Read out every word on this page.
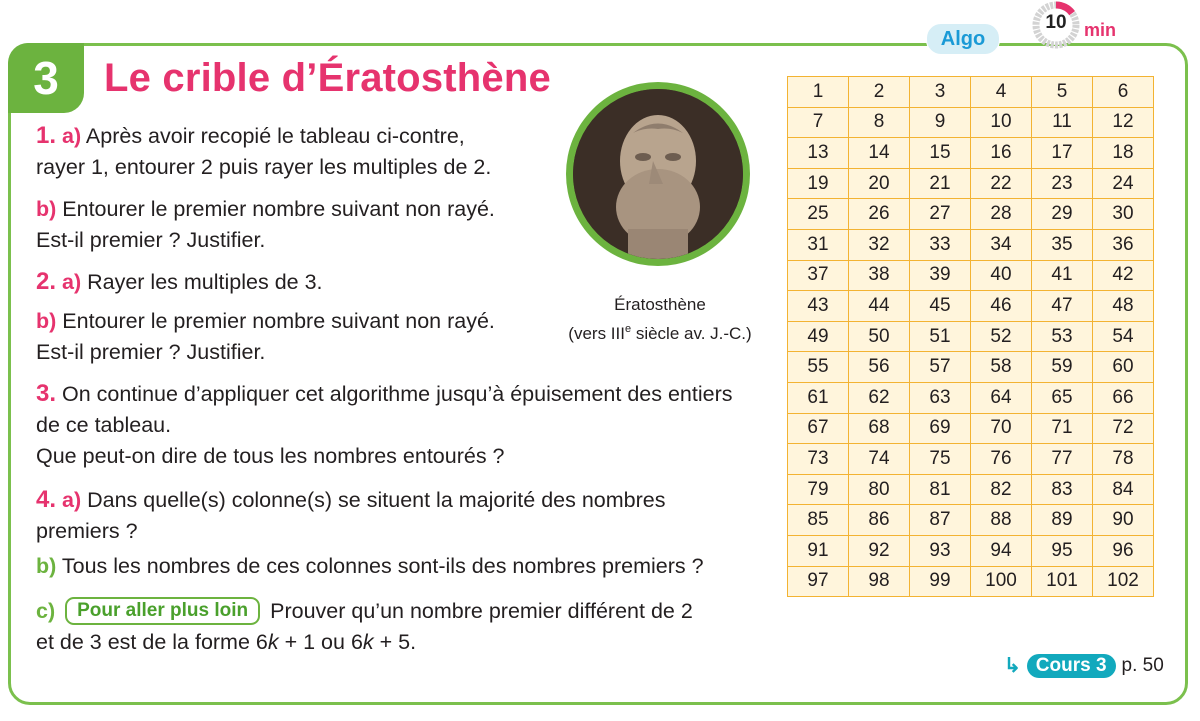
3 Le crible d’Ératosthène
Algo
10 min
1. a) Après avoir recopié le tableau ci-contre,
rayer 1, entourer 2 puis rayer les multiples de 2.
b) Entourer le premier nombre suivant non rayé.
Est-il premier ? Justifier.
2. a) Rayer les multiples de 3.
b) Entourer le premier nombre suivant non rayé.
Est-il premier ? Justifier.
3. On continue d’appliquer cet algorithme jusqu’à épuisement des entiers
de ce tableau.
Que peut-on dire de tous les nombres entourés ?
4. a) Dans quelle(s) colonne(s) se situent la majorité des nombres
premiers ?
b) Tous les nombres de ces colonnes sont-ils des nombres premiers ?
c) Pour aller plus loin Prouver qu’un nombre premier différent de 2
et de 3 est de la forme 6k + 1 ou 6k + 5.
Ératosthène
(vers IIIe siècle av. J.-C.)
1	2	3	4	5	6
7	8	9	10	11	12
13	14	15	16	17	18
19	20	21	22	23	24
25	26	27	28	29	30
31	32	33	34	35	36
37	38	39	40	41	42
43	44	45	46	47	48
49	50	51	52	53	54
55	56	57	58	59	60
61	62	63	64	65	66
67	68	69	70	71	72
73	74	75	76	77	78
79	80	81	82	83	84
85	86	87	88	89	90
91	92	93	94	95	96
97	98	99	100	101	102
↳ Cours 3 p. 50
